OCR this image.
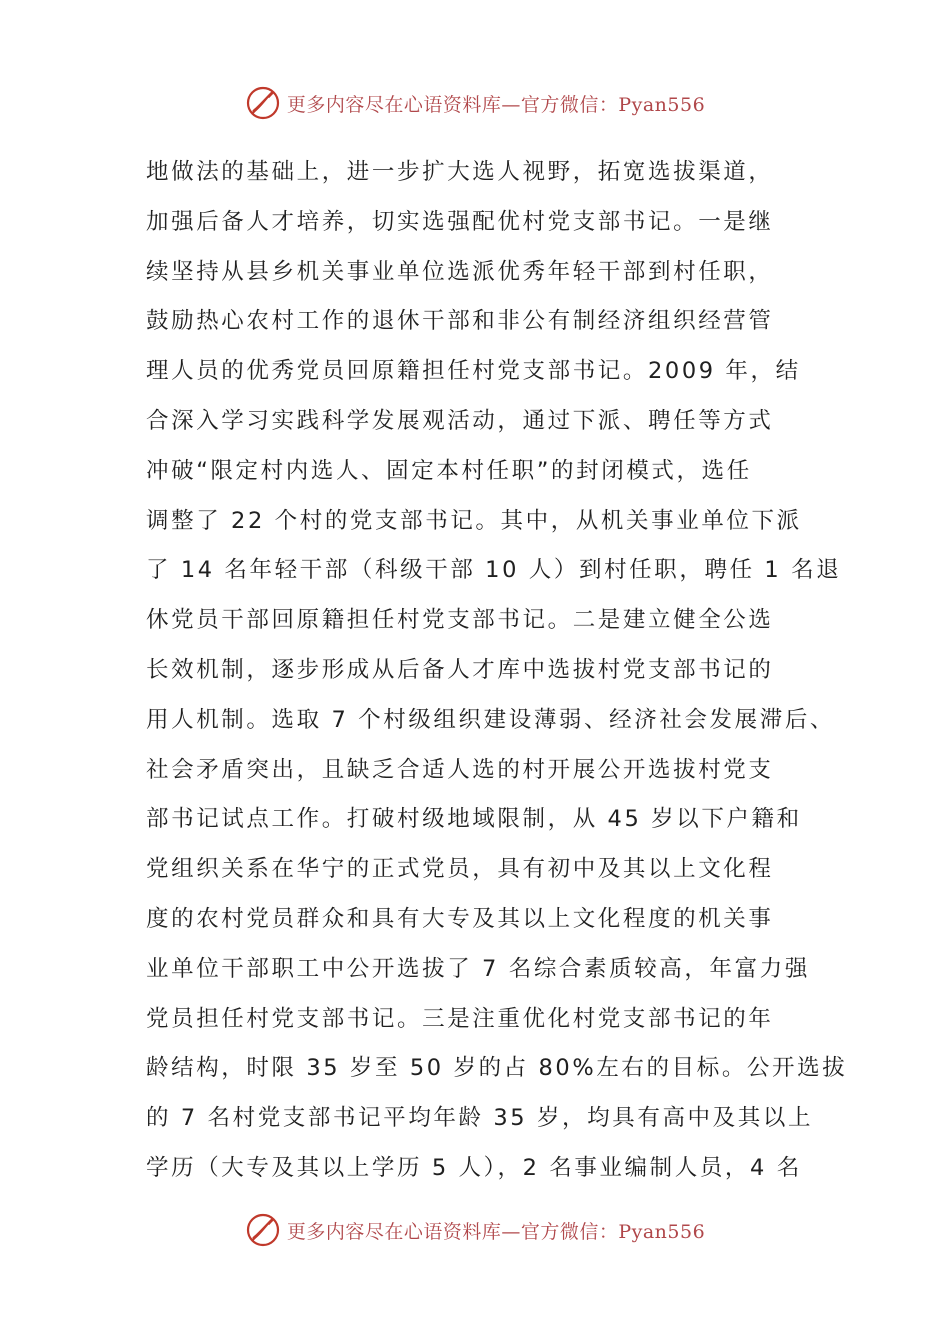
更多内容尽在心语资料库—官方微信：Pyan556
地做法的基础上，进一步扩大选人视野，拓宽选拔渠道，
加强后备人才培养，切实选强配优村党支部书记。一是继
续坚持从县乡机关事业单位选派优秀年轻干部到村任职，
鼓励热心农村工作的退休干部和非公有制经济组织经营管
理人员的优秀党员回原籍担任村党支部书记。2009 年，结
合深入学习实践科学发展观活动，通过下派、聘任等方式
冲破“限定村内选人、固定本村任职”的封闭模式，选任
调整了 22 个村的党支部书记。其中，从机关事业单位下派
了 14 名年轻干部（科级干部 10 人）到村任职，聘任 1 名退
休党员干部回原籍担任村党支部书记。二是建立健全公选
长效机制，逐步形成从后备人才库中选拔村党支部书记的
用人机制。选取 7 个村级组织建设薄弱、经济社会发展滞后、
社会矛盾突出，且缺乏合适人选的村开展公开选拔村党支
部书记试点工作。打破村级地域限制，从 45 岁以下户籍和
党组织关系在华宁的正式党员，具有初中及其以上文化程
度的农村党员群众和具有大专及其以上文化程度的机关事
业单位干部职工中公开选拔了 7 名综合素质较高，年富力强
党员担任村党支部书记。三是注重优化村党支部书记的年
龄结构，时限 35 岁至 50 岁的占 80%左右的目标。公开选拔
的 7 名村党支部书记平均年龄 35 岁，均具有高中及其以上
学历（大专及其以上学历 5 人），2 名事业编制人员，4 名
更多内容尽在心语资料库—官方微信：Pyan556
